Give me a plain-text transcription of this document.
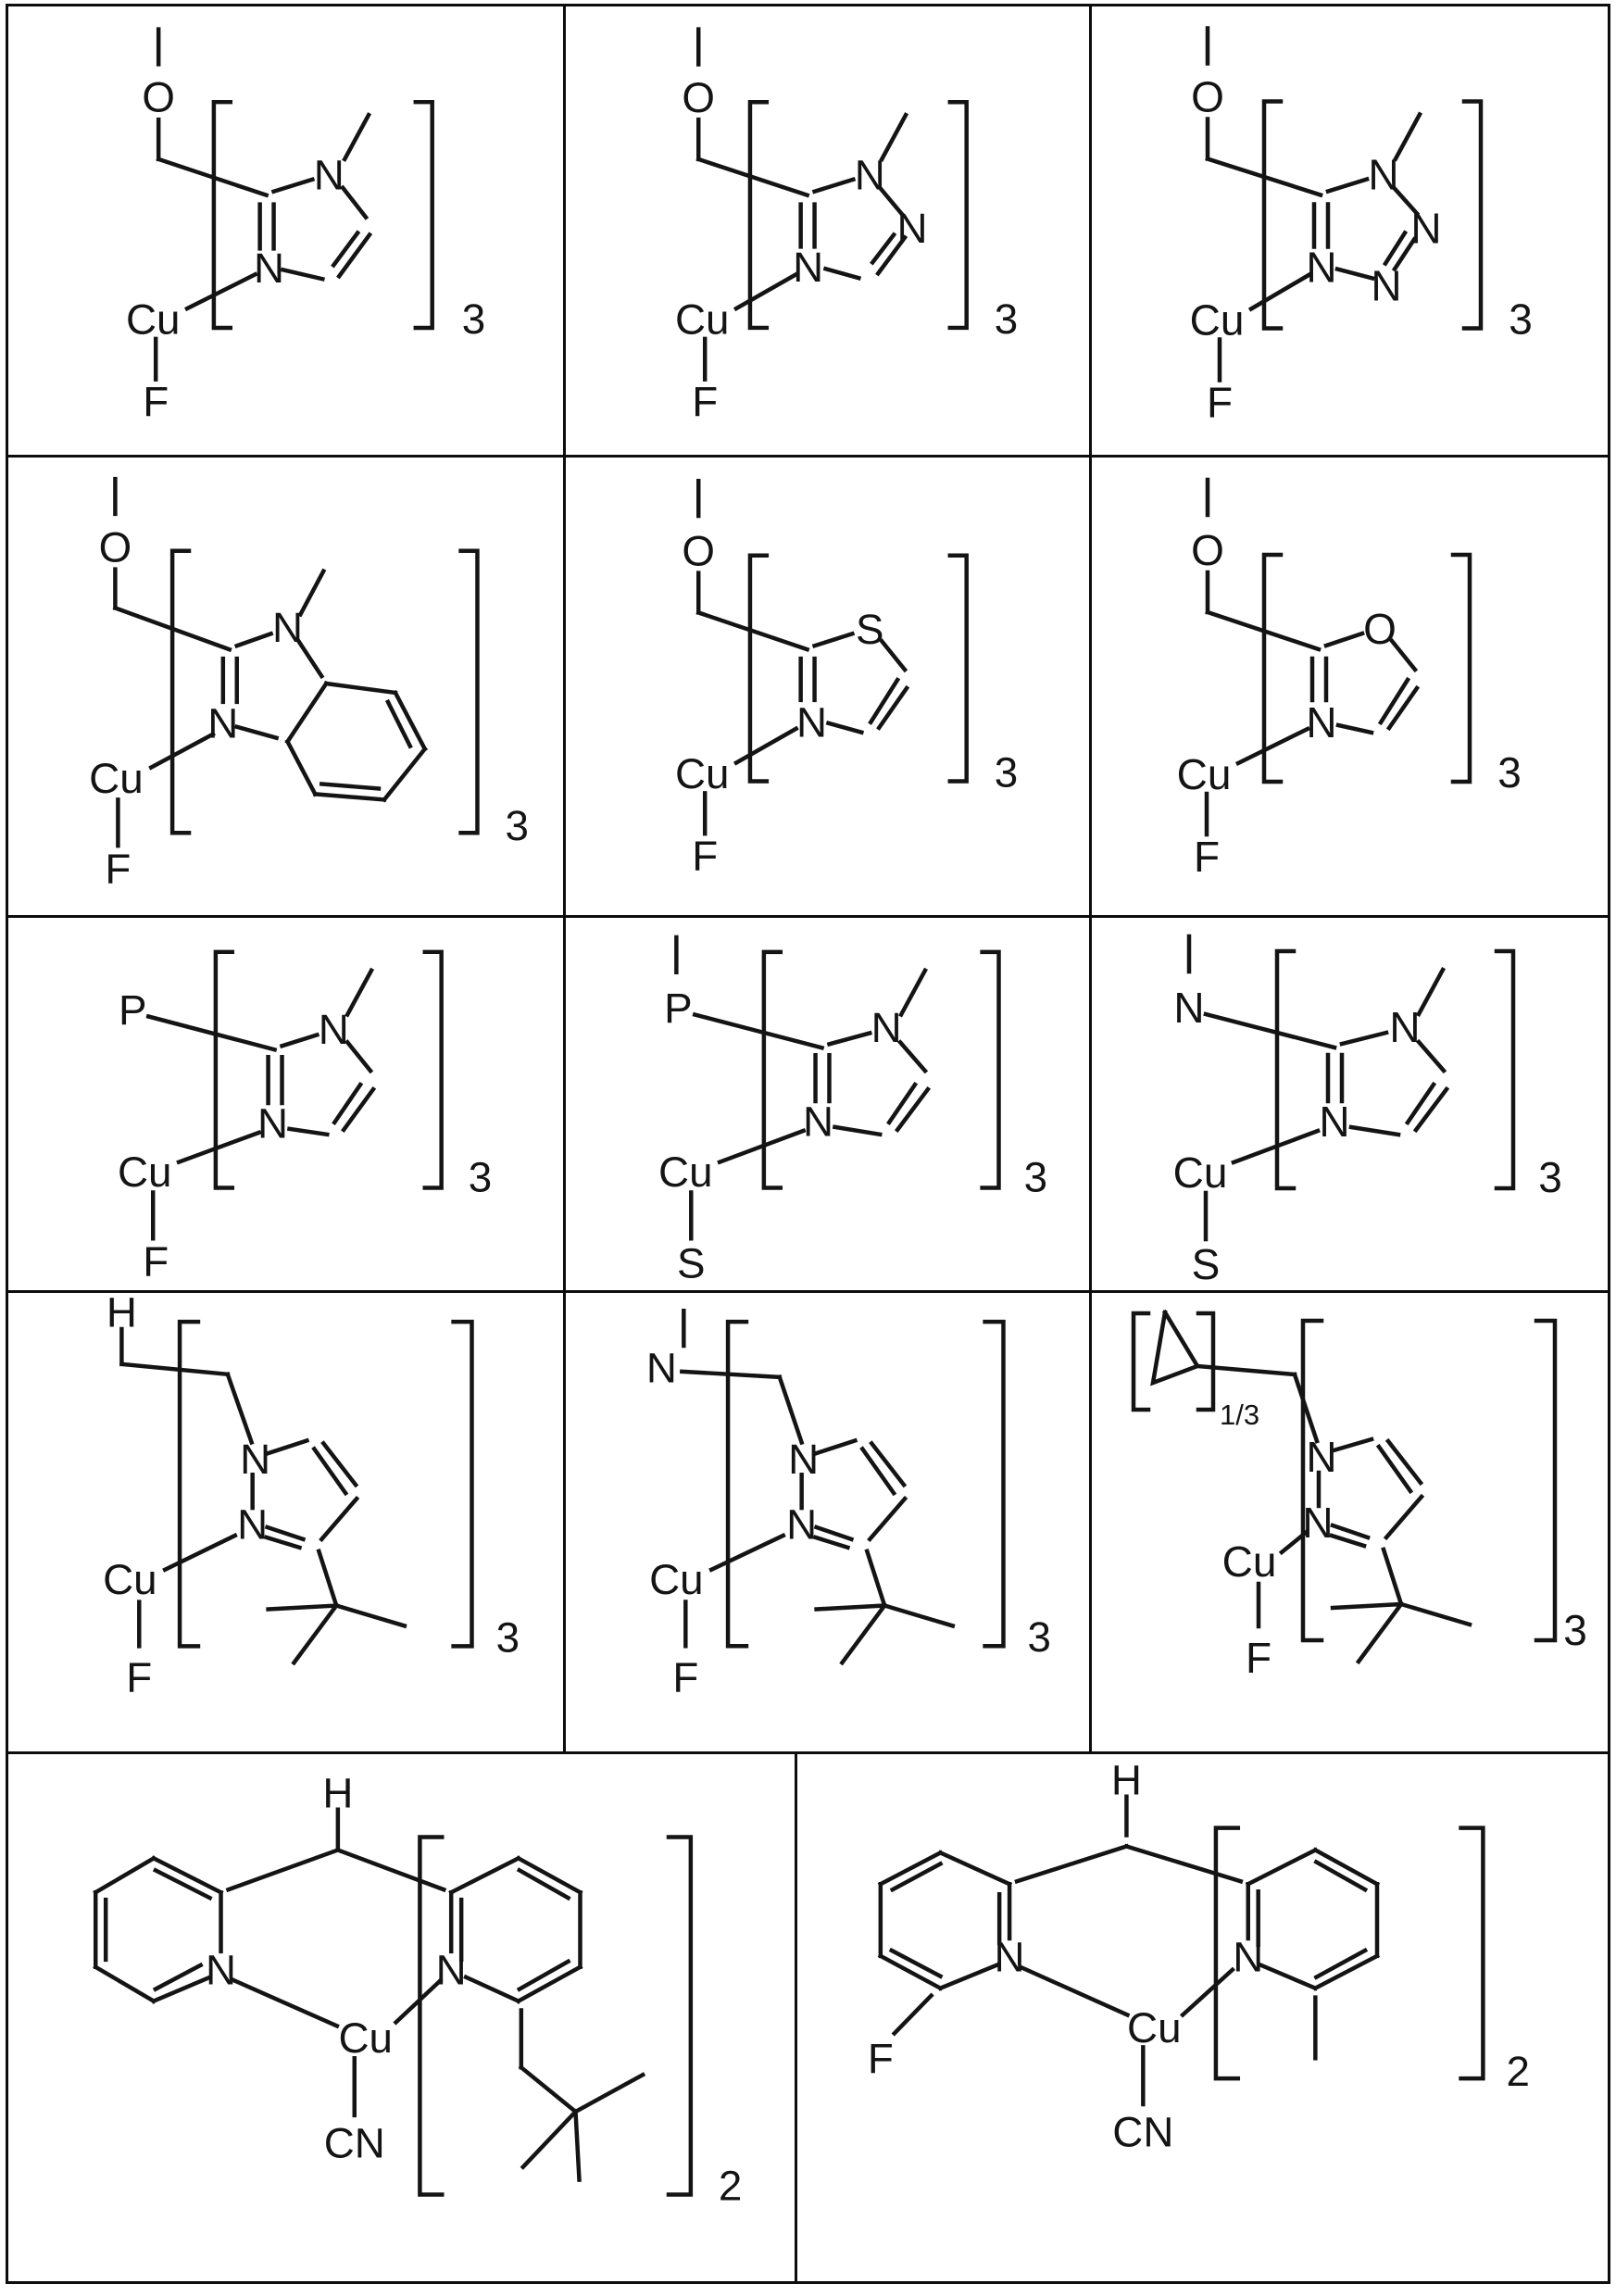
O
N
N
Cu
F
3
O
N
N
N
Cu
F
3
O
N
N
N
N
Cu
F
3
O
N
N
Cu
F
3
O
S
N
Cu
F
3
O
O
N
Cu
F
3
P	N
N
Cu
F
3
P	N
N
Cu
S
3
N	N
N
Cu
S
3
H
N
N
Cu
F
3
N
N
N
Cu
F
3
1/3
N
N
Cu
F
3
H
N	N
Cu
CN
2
H
F
N	N
Cu
CN
2
